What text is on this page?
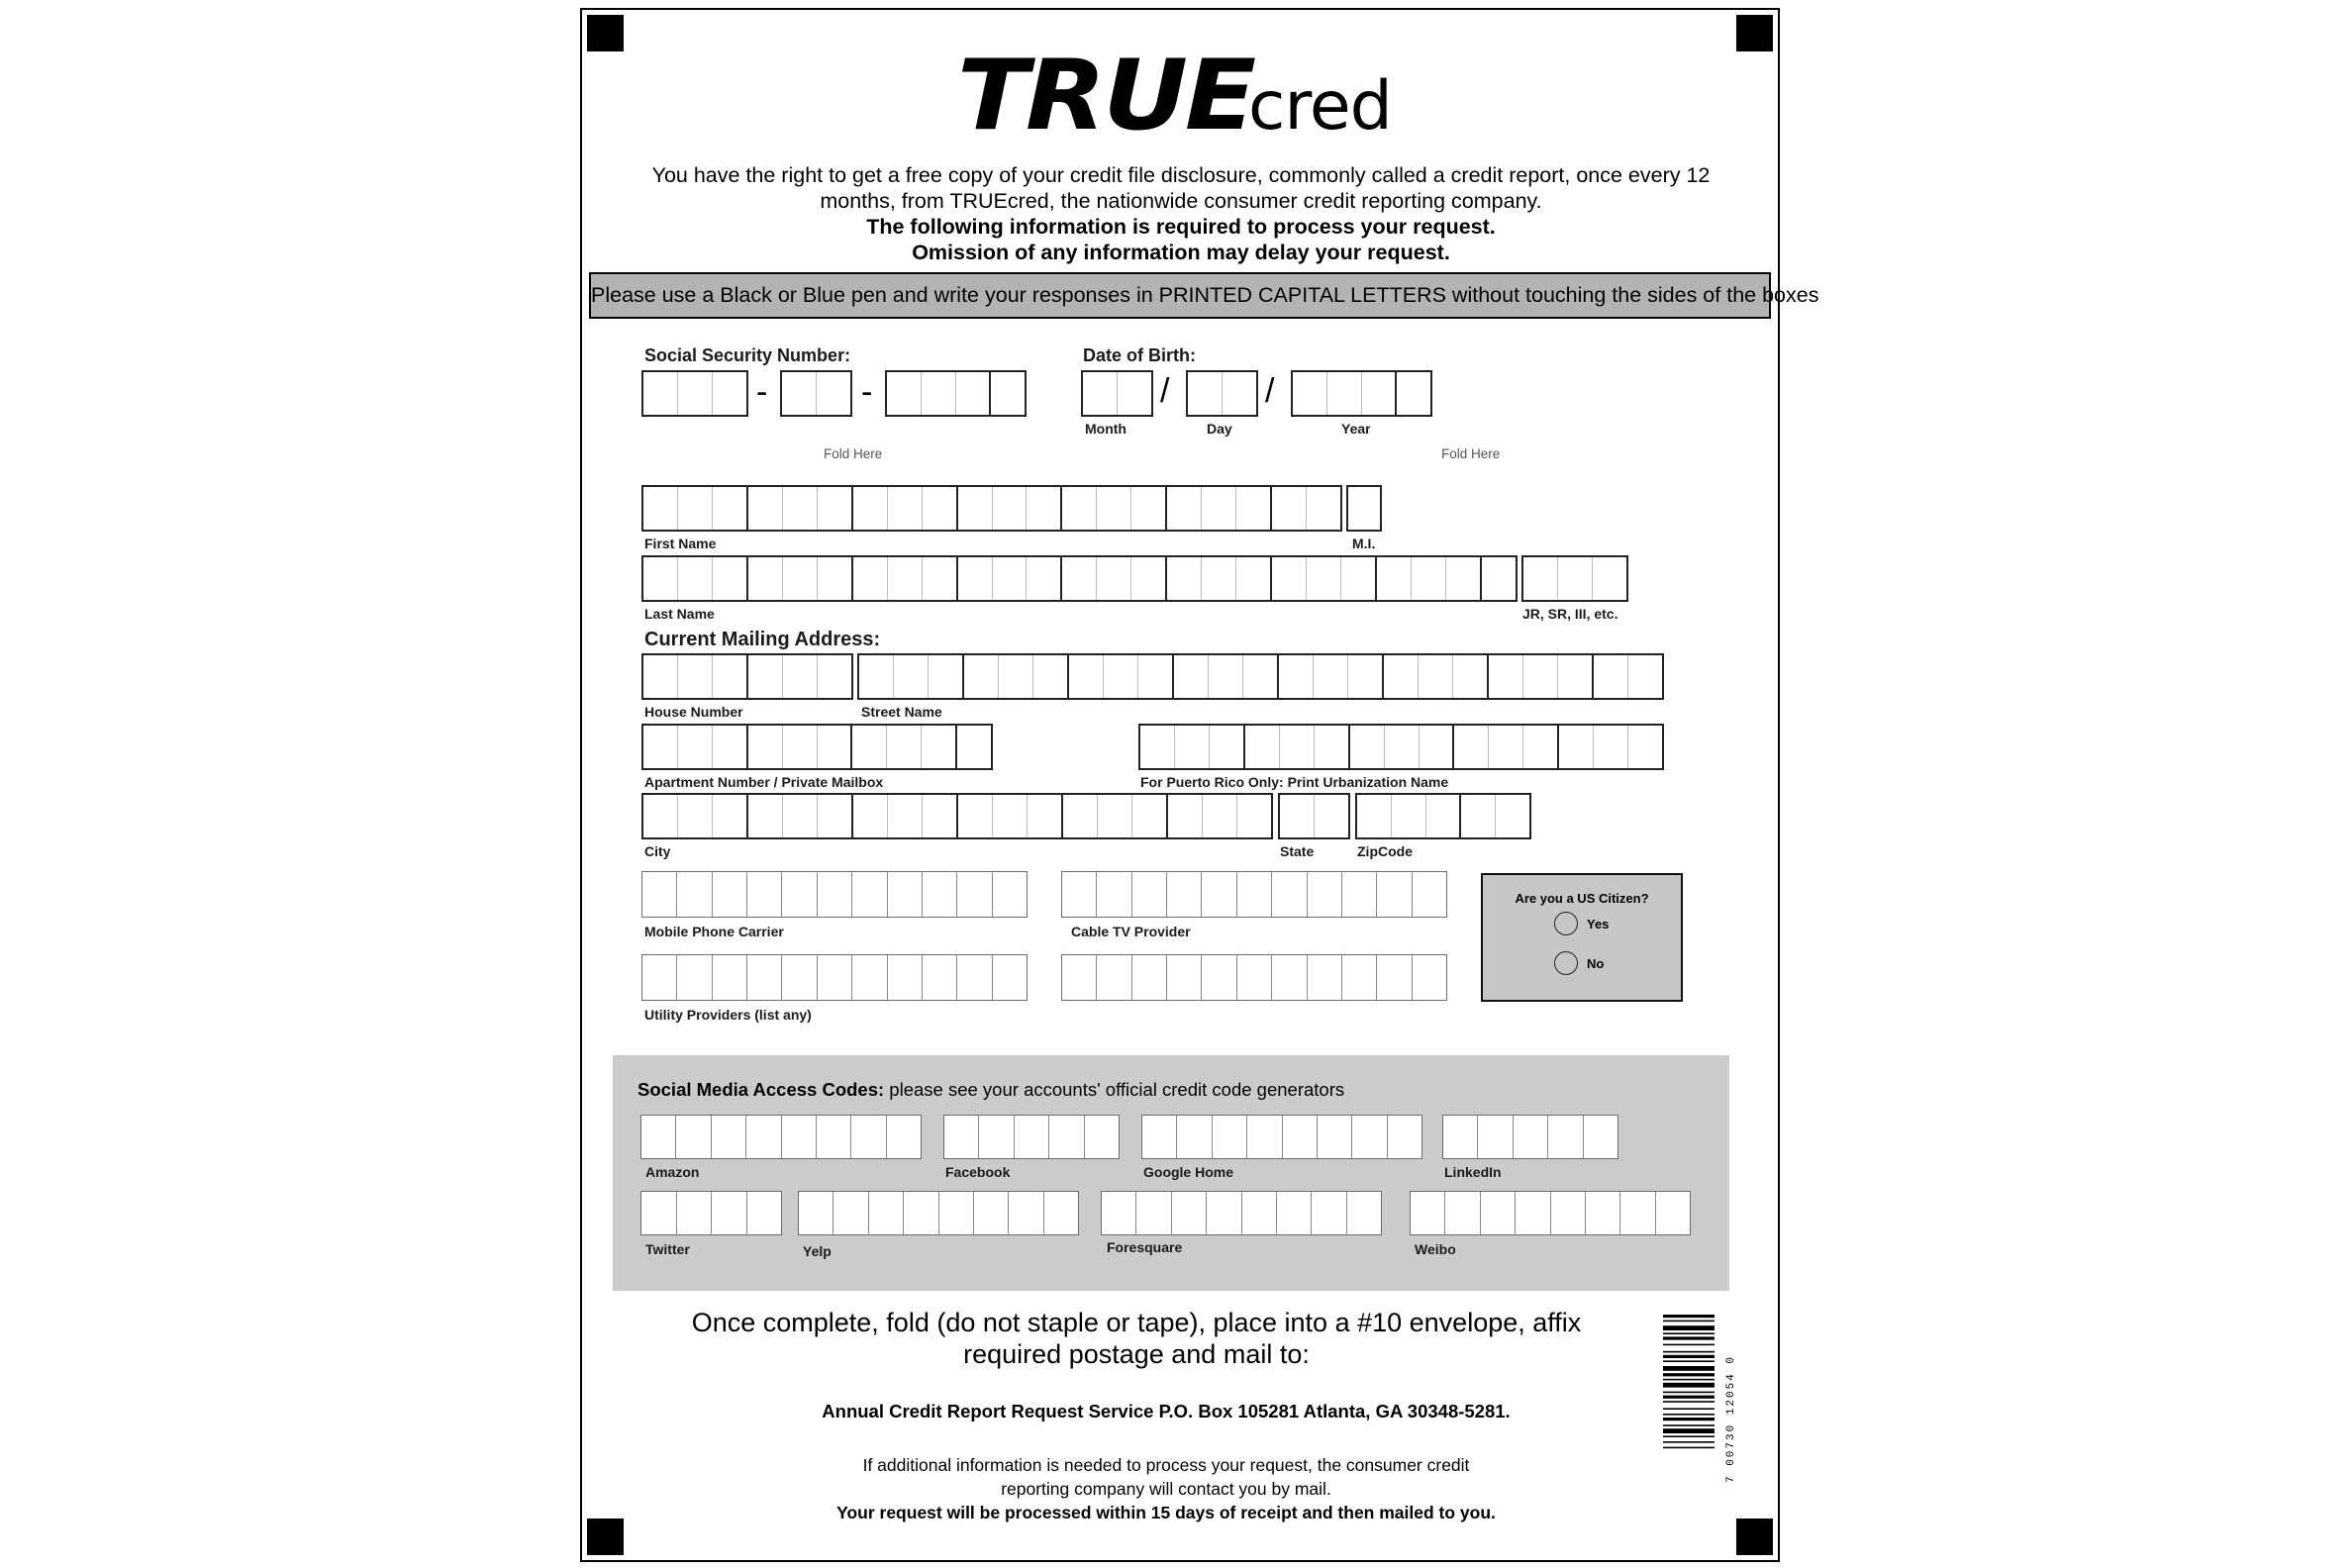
TRUEcred
You have the right to get a free copy of your credit file disclosure, commonly called a credit report, once every 12
months, from TRUEcred, the nationwide consumer credit reporting company.
The following information is required to process your request.
Omission of any information may delay your request.
Please use a Black or Blue pen and write your responses in PRINTED CAPITAL LETTERS without touching the sides of the boxes
Social Security Number:
-	-
Date of Birth:
/	/
Month	Day	Year
Fold Here	Fold Here
First Name	M.I.
Last Name	JR, SR, III, etc.
Current Mailing Address:
House Number	Street Name
Apartment Number / Private Mailbox	For Puerto Rico Only: Print Urbanization Name
City	State	ZipCode
Mobile Phone Carrier	Cable TV Provider
Utility Providers (list any)
Are you a US Citizen?
Yes
No
Social Media Access Codes: please see your accounts' official credit code generators
Amazon	Facebook	Google Home	LinkedIn
Twitter	Yelp	Foresquare	Weibo
Once complete, fold (do not staple or tape), place into a #10 envelope, affix
required postage and mail to:
Annual Credit Report Request Service P.O. Box 105281 Atlanta, GA 30348-5281.
If additional information is needed to process your request, the consumer credit
reporting company will contact you by mail.
Your request will be processed within 15 days of receipt and then mailed to you.
7 00730 12054 0
